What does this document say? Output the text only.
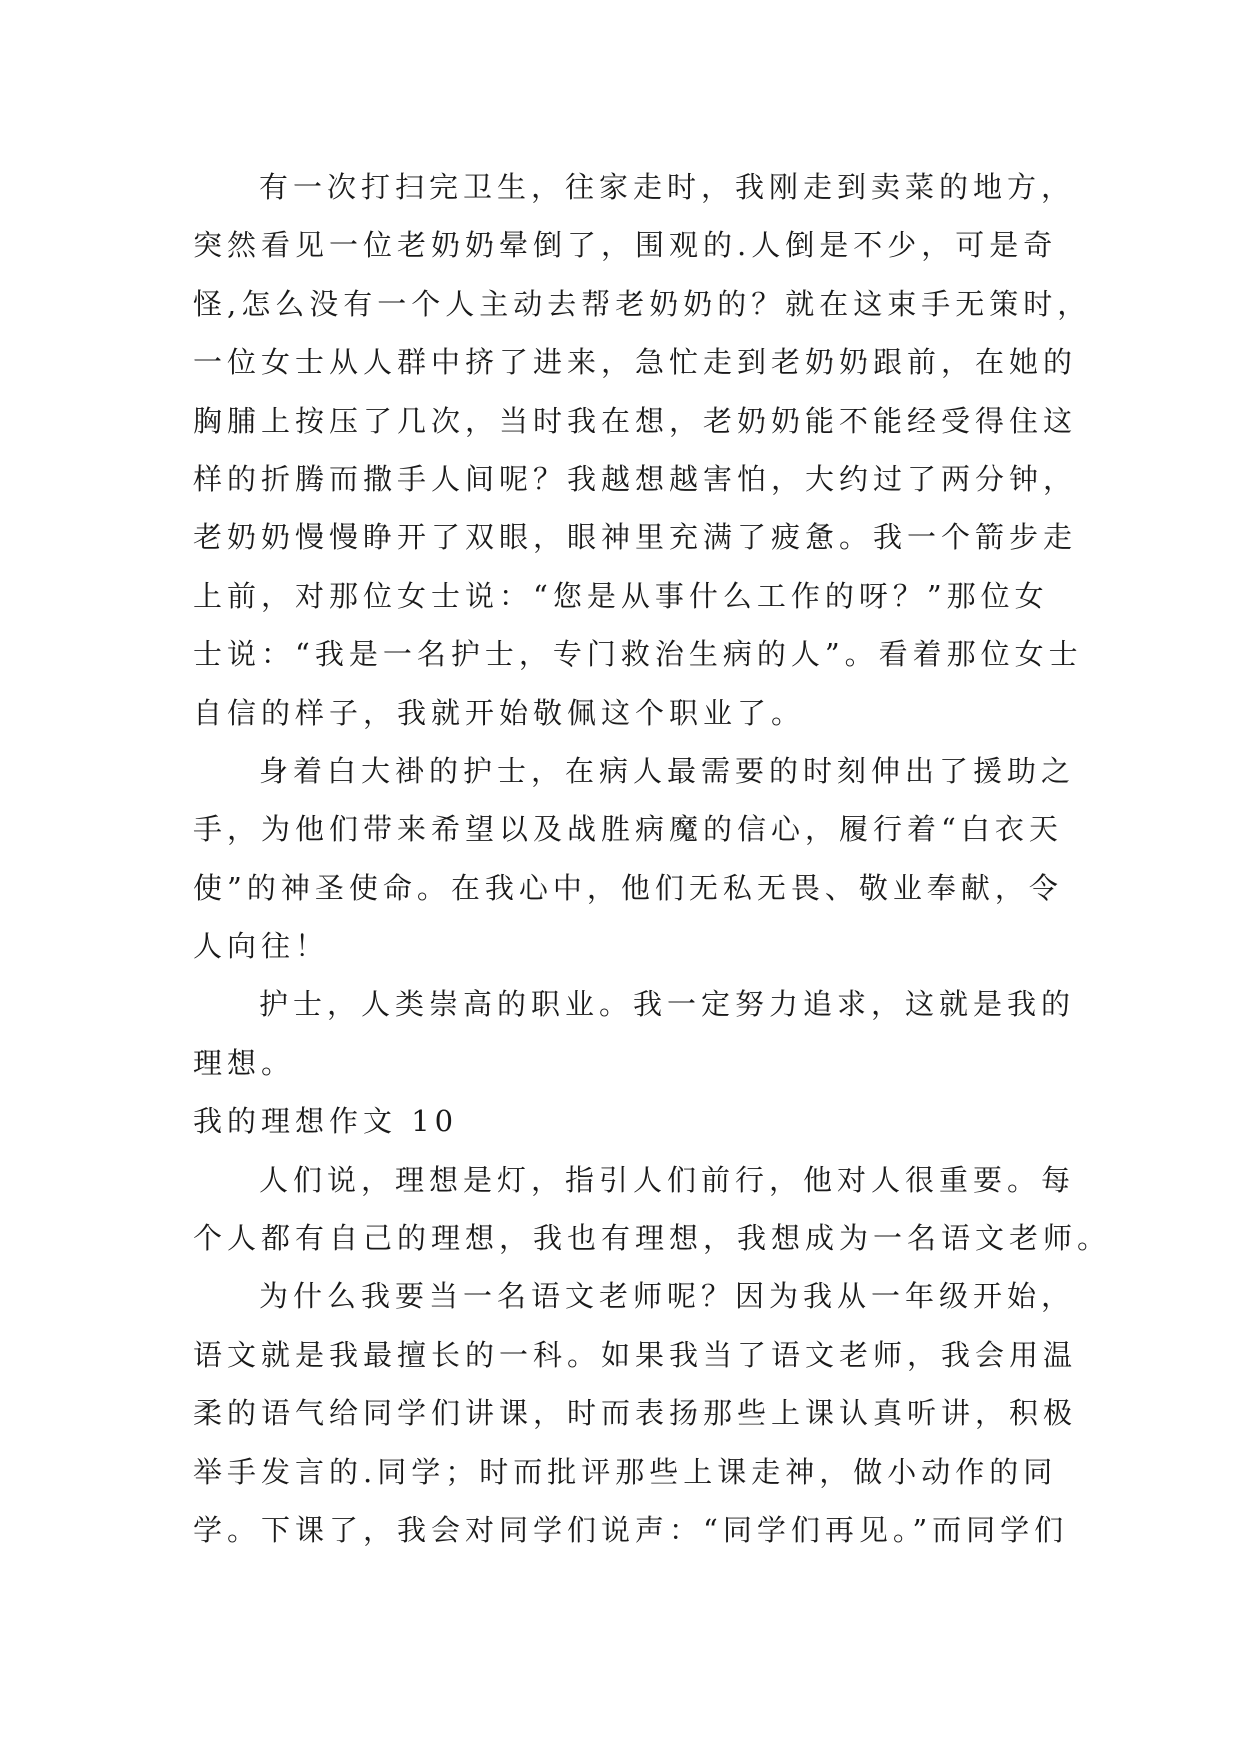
有一次打扫完卫生，往家走时，我刚走到卖菜的地方，
突然看见一位老奶奶晕倒了，围观的.人倒是不少，可是奇
怪,怎么没有一个人主动去帮老奶奶的？就在这束手无策时，
一位女士从人群中挤了进来，急忙走到老奶奶跟前，在她的
胸脯上按压了几次，当时我在想，老奶奶能不能经受得住这
样的折腾而撒手人间呢？我越想越害怕，大约过了两分钟，
老奶奶慢慢睁开了双眼，眼神里充满了疲惫。我一个箭步走
上前，对那位女士说：“您是从事什么工作的呀？”那位女
士说：“我是一名护士，专门救治生病的人”。看着那位女士
自信的样子，我就开始敬佩这个职业了。
身着白大褂的护士，在病人最需要的时刻伸出了援助之
手，为他们带来希望以及战胜病魔的信心，履行着“白衣天
使”的神圣使命。在我心中，他们无私无畏、敬业奉献，令
人向往！
护士，人类崇高的职业。我一定努力追求，这就是我的
理想。
我的理想作文 10
人们说，理想是灯，指引人们前行，他对人很重要。每
个人都有自己的理想，我也有理想，我想成为一名语文老师。
为什么我要当一名语文老师呢？因为我从一年级开始，
语文就是我最擅长的一科。如果我当了语文老师，我会用温
柔的语气给同学们讲课，时而表扬那些上课认真听讲，积极
举手发言的.同学；时而批评那些上课走神，做小动作的同
学。下课了，我会对同学们说声：“同学们再见。”而同学们
